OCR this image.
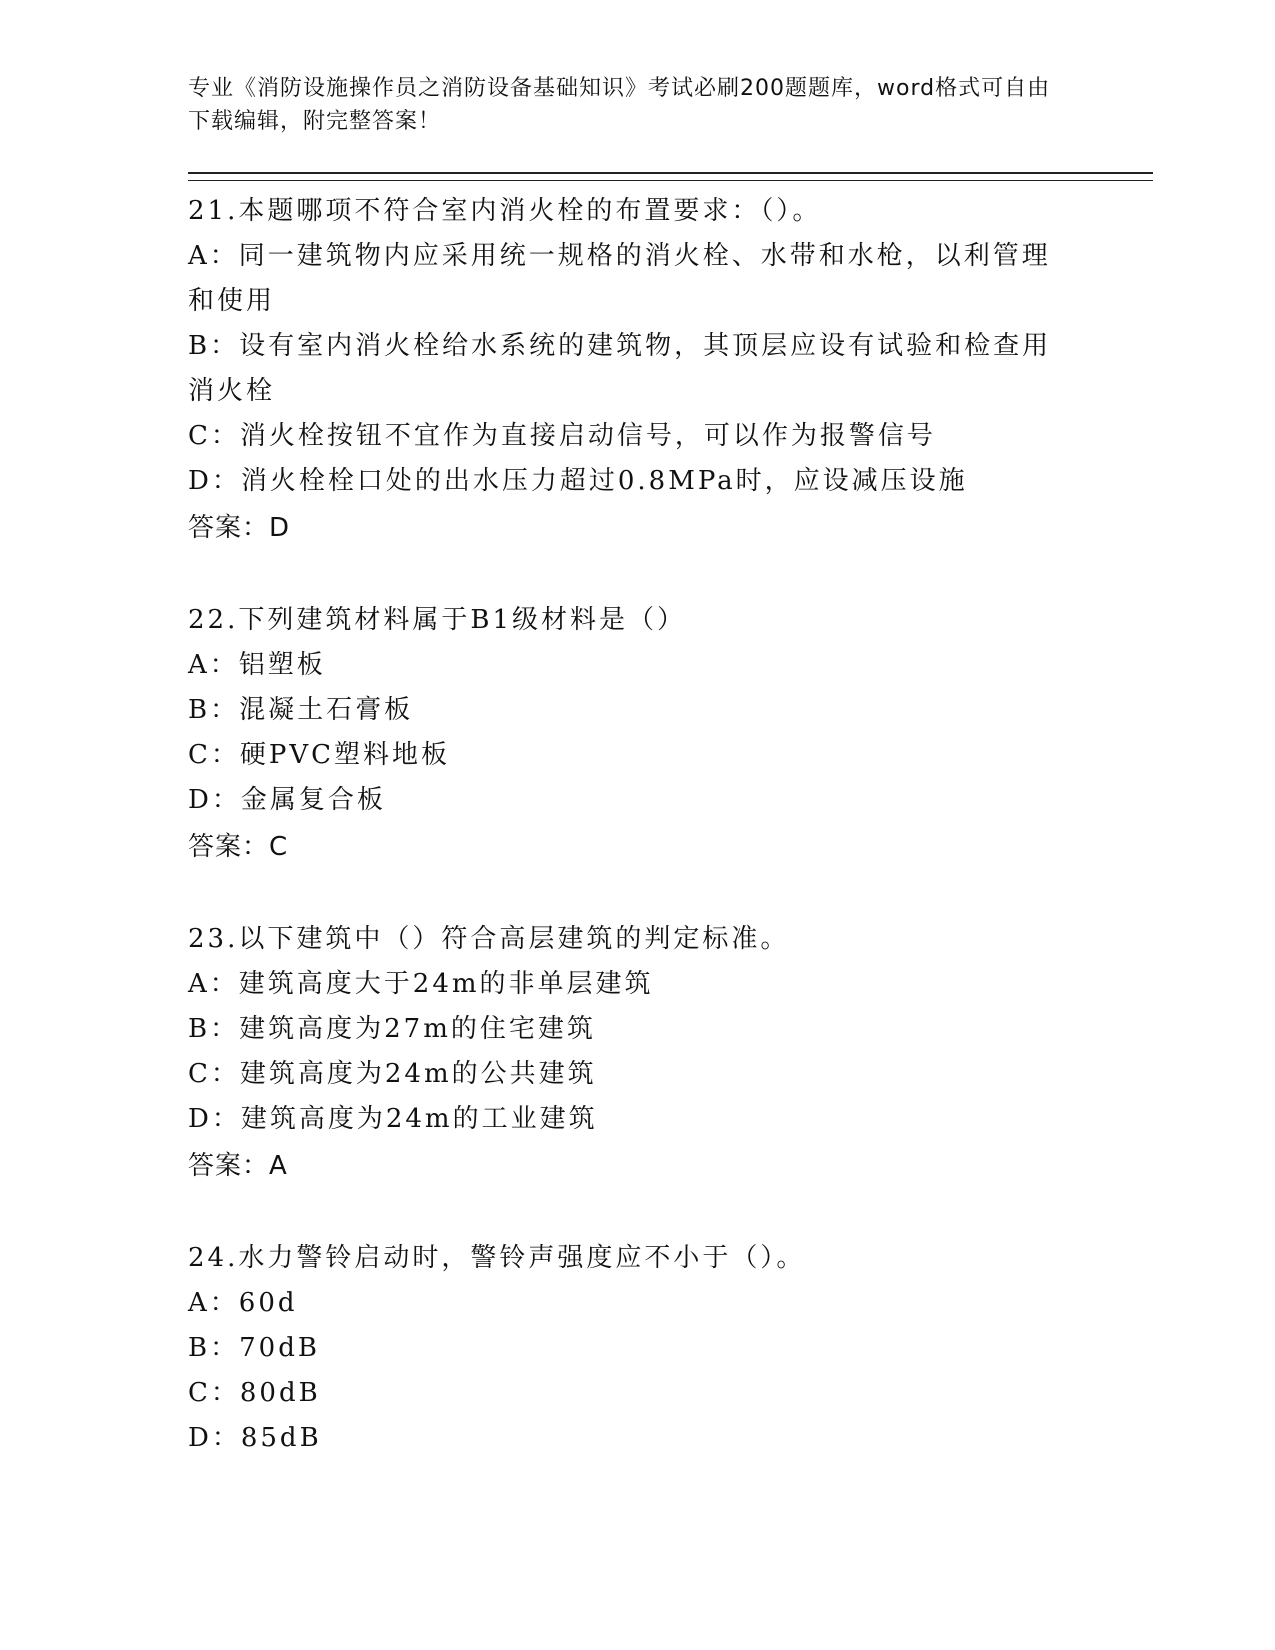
专业《消防设施操作员之消防设备基础知识》考试必刷200题题库，word格式可自由下载编辑，附完整答案！

21.本题哪项不符合室内消火栓的布置要求：（）。

A：同一建筑物内应采用统一规格的消火栓、水带和水枪，以利管理和使用

B：设有室内消火栓给水系统的建筑物，其顶层应设有试验和检查用消火栓

C：消火栓按钮不宜作为直接启动信号，可以作为报警信号

D：消火栓栓口处的出水压力超过0.8MPa时，应设减压设施

答案：D

22.下列建筑材料属于B1级材料是（）

A：铝塑板

B：混凝土石膏板

C：硬PVC塑料地板

D：金属复合板

答案：C

23.以下建筑中（）符合高层建筑的判定标准。

A：建筑高度大于24m的非单层建筑

B：建筑高度为27m的住宅建筑

C：建筑高度为24m的公共建筑

D：建筑高度为24m的工业建筑

答案：A

24.水力警铃启动时，警铃声强度应不小于（）。

A：60d

B：70dB

C：80dB

D：85dB
